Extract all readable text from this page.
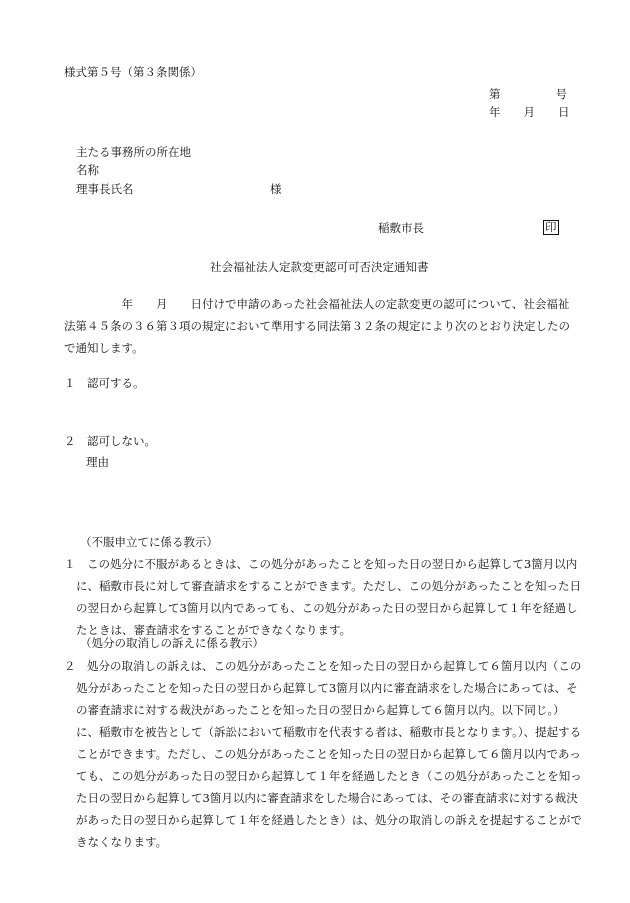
様式第５号（第３条関係）
第　　　　号
年　　月　　日
主たる事務所の所在地
名称
理事長氏名	様
稲敷市長	印
社会福祉法人定款変更認可可否決定通知書
　　　　　年　　月　　日付けで申請のあった社会福祉法人の定款変更の認可について、社会福祉法第４５条の３６第３項の規定において準用する同法第３２条の規定により次のとおり決定したので通知します。
１　認可する。
２　認可しない。
理由
（不服申立てに係る教示）
１　この処分に不服があるときは、この処分があったことを知った日の翌日から起算して3箇月以内に、稲敷市長に対して審査請求をすることができます。ただし、この処分があったことを知った日の翌日から起算して3箇月以内であっても、この処分があった日の翌日から起算して１年を経過したときは、審査請求をすることができなくなります。
（処分の取消しの訴えに係る教示）
２　処分の取消しの訴えは、この処分があったことを知った日の翌日から起算して６箇月以内（この処分があったことを知った日の翌日から起算して3箇月以内に審査請求をした場合にあっては、その審査請求に対する裁決があったことを知った日の翌日から起算して６箇月以内。以下同じ。）に、稲敷市を被告として（訴訟において稲敷市を代表する者は、稲敷市長となります。）、提起することができます。ただし、この処分があったことを知った日の翌日から起算して６箇月以内であっても、この処分があった日の翌日から起算して１年を経過したとき（この処分があったことを知った日の翌日から起算して3箇月以内に審査請求をした場合にあっては、その審査請求に対する裁決があった日の翌日から起算して１年を経過したとき）は、処分の取消しの訴えを提起することができなくなります。
